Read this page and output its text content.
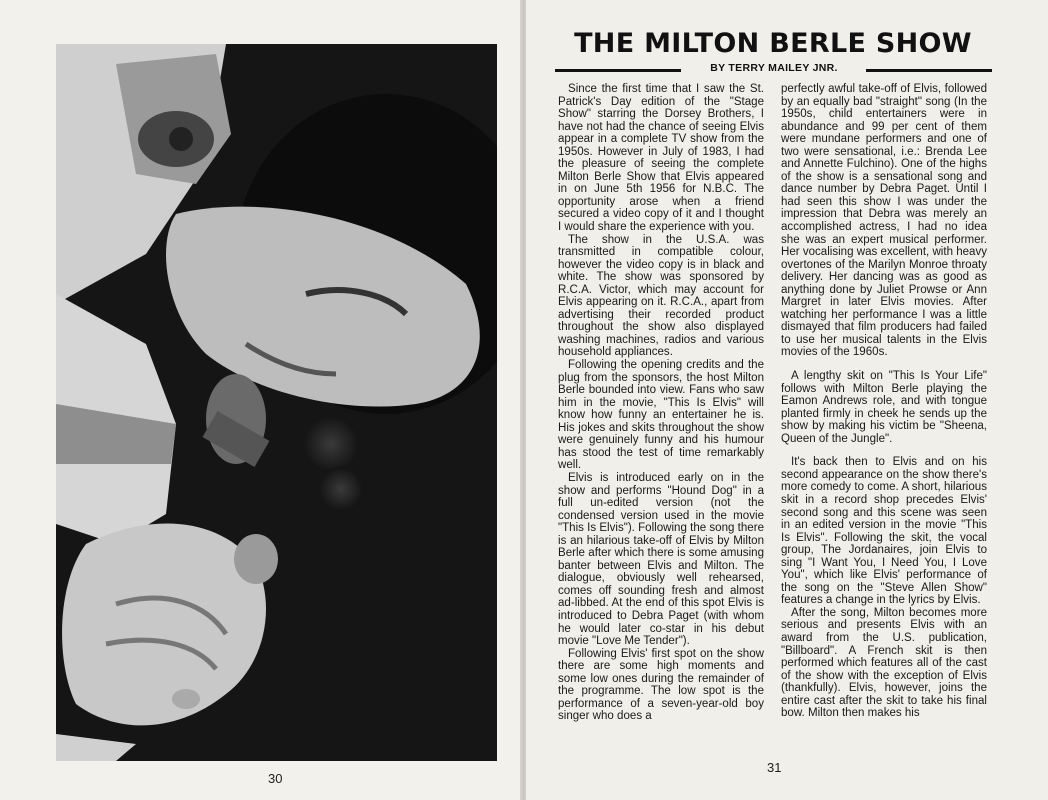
30
31
THE MILTON BERLE SHOW
BY TERRY MAILEY JNR.

Since the first time that I saw the St. Patrick's Day edition of the "Stage Show" starring the Dorsey Brothers, I have not had the chance of seeing Elvis appear in a complete TV show from the 1950s. However in July of 1983, I had the pleasure of seeing the complete Milton Berle Show that Elvis appeared in on June 5th 1956 for N.B.C. The opportunity arose when a friend secured a video copy of it and I thought I would share the experience with you.

The show in the U.S.A. was transmitted in compatible colour, however the video copy is in black and white. The show was sponsored by R.C.A. Victor, which may account for Elvis appearing on it. R.C.A., apart from advertising their recorded product throughout the show also displayed washing machines, radios and various household appliances.

Following the opening credits and the plug from the sponsors, the host Milton Berle bounded into view. Fans who saw him in the movie, "This Is Elvis" will know how funny an entertainer he is. His jokes and skits throughout the show were genuinely funny and his humour has stood the test of time remarkably well.

Elvis is introduced early on in the show and performs "Hound Dog" in a full un-edited version (not the condensed version used in the movie "This Is Elvis"). Following the song there is an hilarious take-off of Elvis by Milton Berle after which there is some amusing banter between Elvis and Milton. The dialogue, obviously well rehearsed, comes off sounding fresh and almost ad-libbed. At the end of this spot Elvis is introduced to Debra Paget (with whom he would later co-star in his debut movie "Love Me Tender").

Following Elvis' first spot on the show there are some high moments and some low ones during the remainder of the programme. The low spot is the performance of a seven-year-old boy singer who does a

perfectly awful take-off of Elvis, followed by an equally bad "straight" song (In the 1950s, child entertainers were in abundance and 99 per cent of them were mundane performers and one of two were sensational, i.e.: Brenda Lee and Annette Fulchino). One of the highs of the show is a sensational song and dance number by Debra Paget. Until I had seen this show I was under the impression that Debra was merely an accomplished actress, I had no idea she was an expert musical performer. Her vocalising was excellent, with heavy overtones of the Marilyn Monroe throaty delivery. Her dancing was as good as anything done by Juliet Prowse or Ann Margret in later Elvis movies. After watching her performance I was a little dismayed that film producers had failed to use her musical talents in the Elvis movies of the 1960s.

A lengthy skit on "This Is Your Life" follows with Milton Berle playing the Eamon Andrews role, and with tongue planted firmly in cheek he sends up the show by making his victim be "Sheena, Queen of the Jungle".

It's back then to Elvis and on his second appearance on the show there's more comedy to come. A short, hilarious skit in a record shop precedes Elvis' second song and this scene was seen in an edited version in the movie "This Is Elvis". Following the skit, the vocal group, The Jordanaires, join Elvis to sing "I Want You, I Need You, I Love You", which like Elvis' performance of the song on the "Steve Allen Show" features a change in the lyrics by Elvis.

After the song, Milton becomes more serious and presents Elvis with an award from the U.S. publication, "Billboard". A French skit is then performed which features all of the cast of the show with the exception of Elvis (thankfully). Elvis, however, joins the entire cast after the skit to take his final bow. Milton then makes his
